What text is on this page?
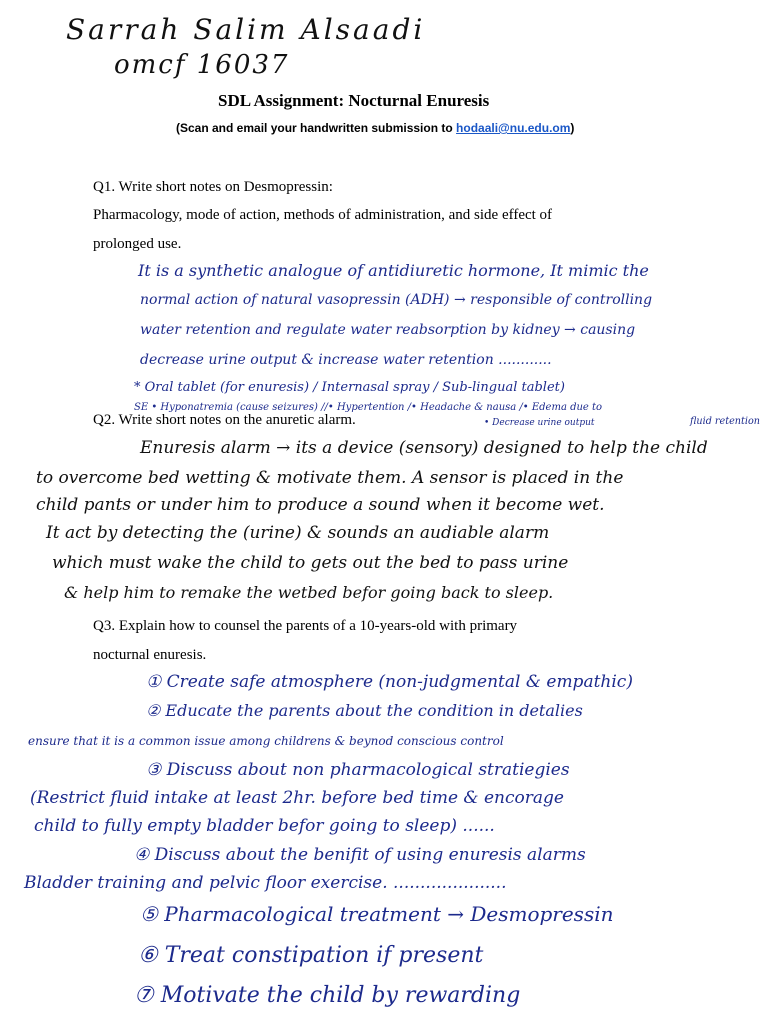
Sarrah Salim Alsaadi
omcf 16037
SDL Assignment: Nocturnal Enuresis
(Scan and email your handwritten submission to hodaali@nu.edu.om)
Q1. Write short notes on Desmopressin:
Pharmacology, mode of action, methods of administration, and side effect of
prolonged use.
It is a synthetic analogue of antidiuretic hormone, It mimic the
normal action of natural vasopressin (ADH) → responsible of controlling
water retention and regulate water reabsorption by kidney → causing
decrease urine output & increase water retention ............
* Oral tablet (for enuresis) / Internasal spray / Sub-lingual tablet)
SE • Hyponatremia (cause seizures) //• Hypertention /• Headache & nausa /• Edema due to
fluid retention
• Decrease urine output
Q2. Write short notes on the anuretic alarm.
Enuresis alarm → its a device (sensory) designed to help the child
to overcome bed wetting & motivate them. A sensor is placed in the
child pants or under him to produce a sound when it become wet.
It act by detecting the (urine) & sounds an audiable alarm
which must wake the child to gets out the bed to pass urine
& help him to remake the wetbed befor going back to sleep.
Q3. Explain how to counsel the parents of a 10-years-old with primary
nocturnal enuresis.
① Create safe atmosphere (non-judgmental & empathic)
② Educate the parents about the condition in detalies
ensure that it is a common issue among childrens & beynod conscious control
③ Discuss about non pharmacological stratiegies
(Restrict fluid intake at least 2hr. before bed time & encorage
child to fully empty bladder befor going to sleep) ......
④ Discuss about the benifit of using enuresis alarms
Bladder training and pelvic floor exercise. .....................
⑤ Pharmacological treatment → Desmopressin
⑥ Treat constipation if present
⑦ Motivate the child by rewarding
